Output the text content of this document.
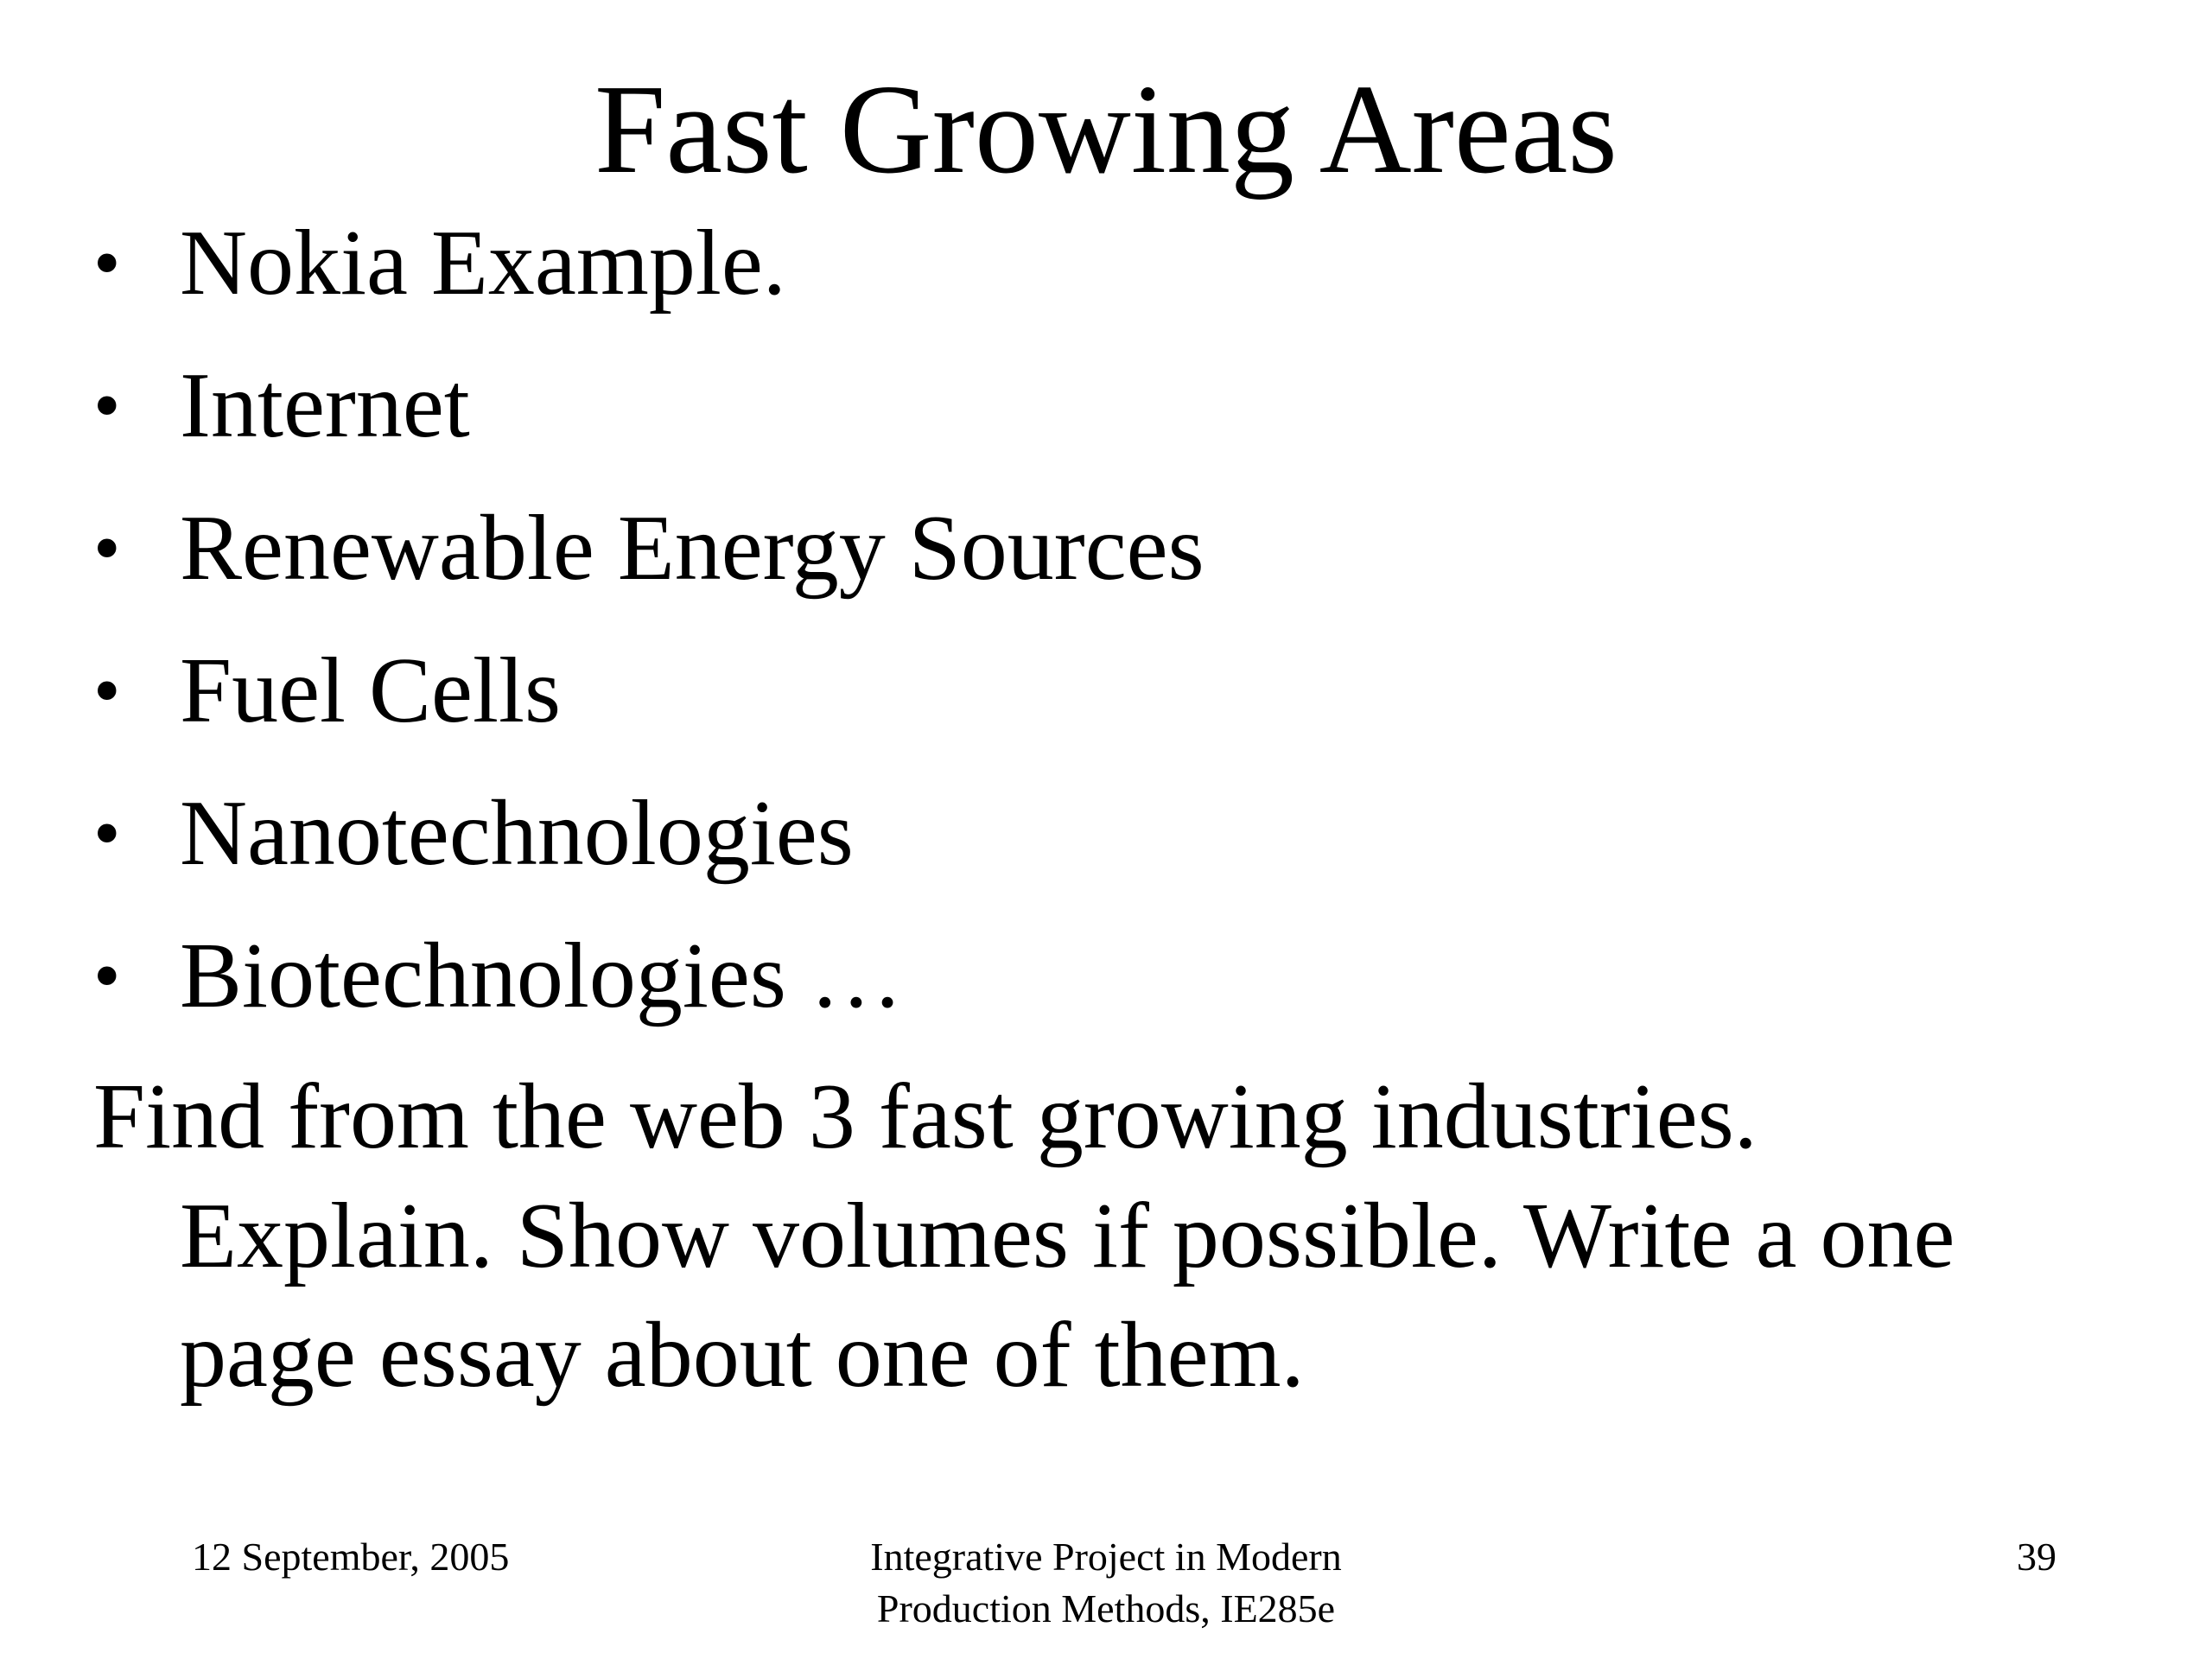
Fast Growing Areas
• Nokia Example.
• Internet
• Renewable Energy Sources
• Fuel Cells
• Nanotechnologies
• Biotechnologies …
Find from the web 3 fast growing industries.
Explain. Show volumes if possible. Write a one
page essay about one of them.
12 September, 2005	Integrative Project in Modern
Production Methods, IE285e
39
